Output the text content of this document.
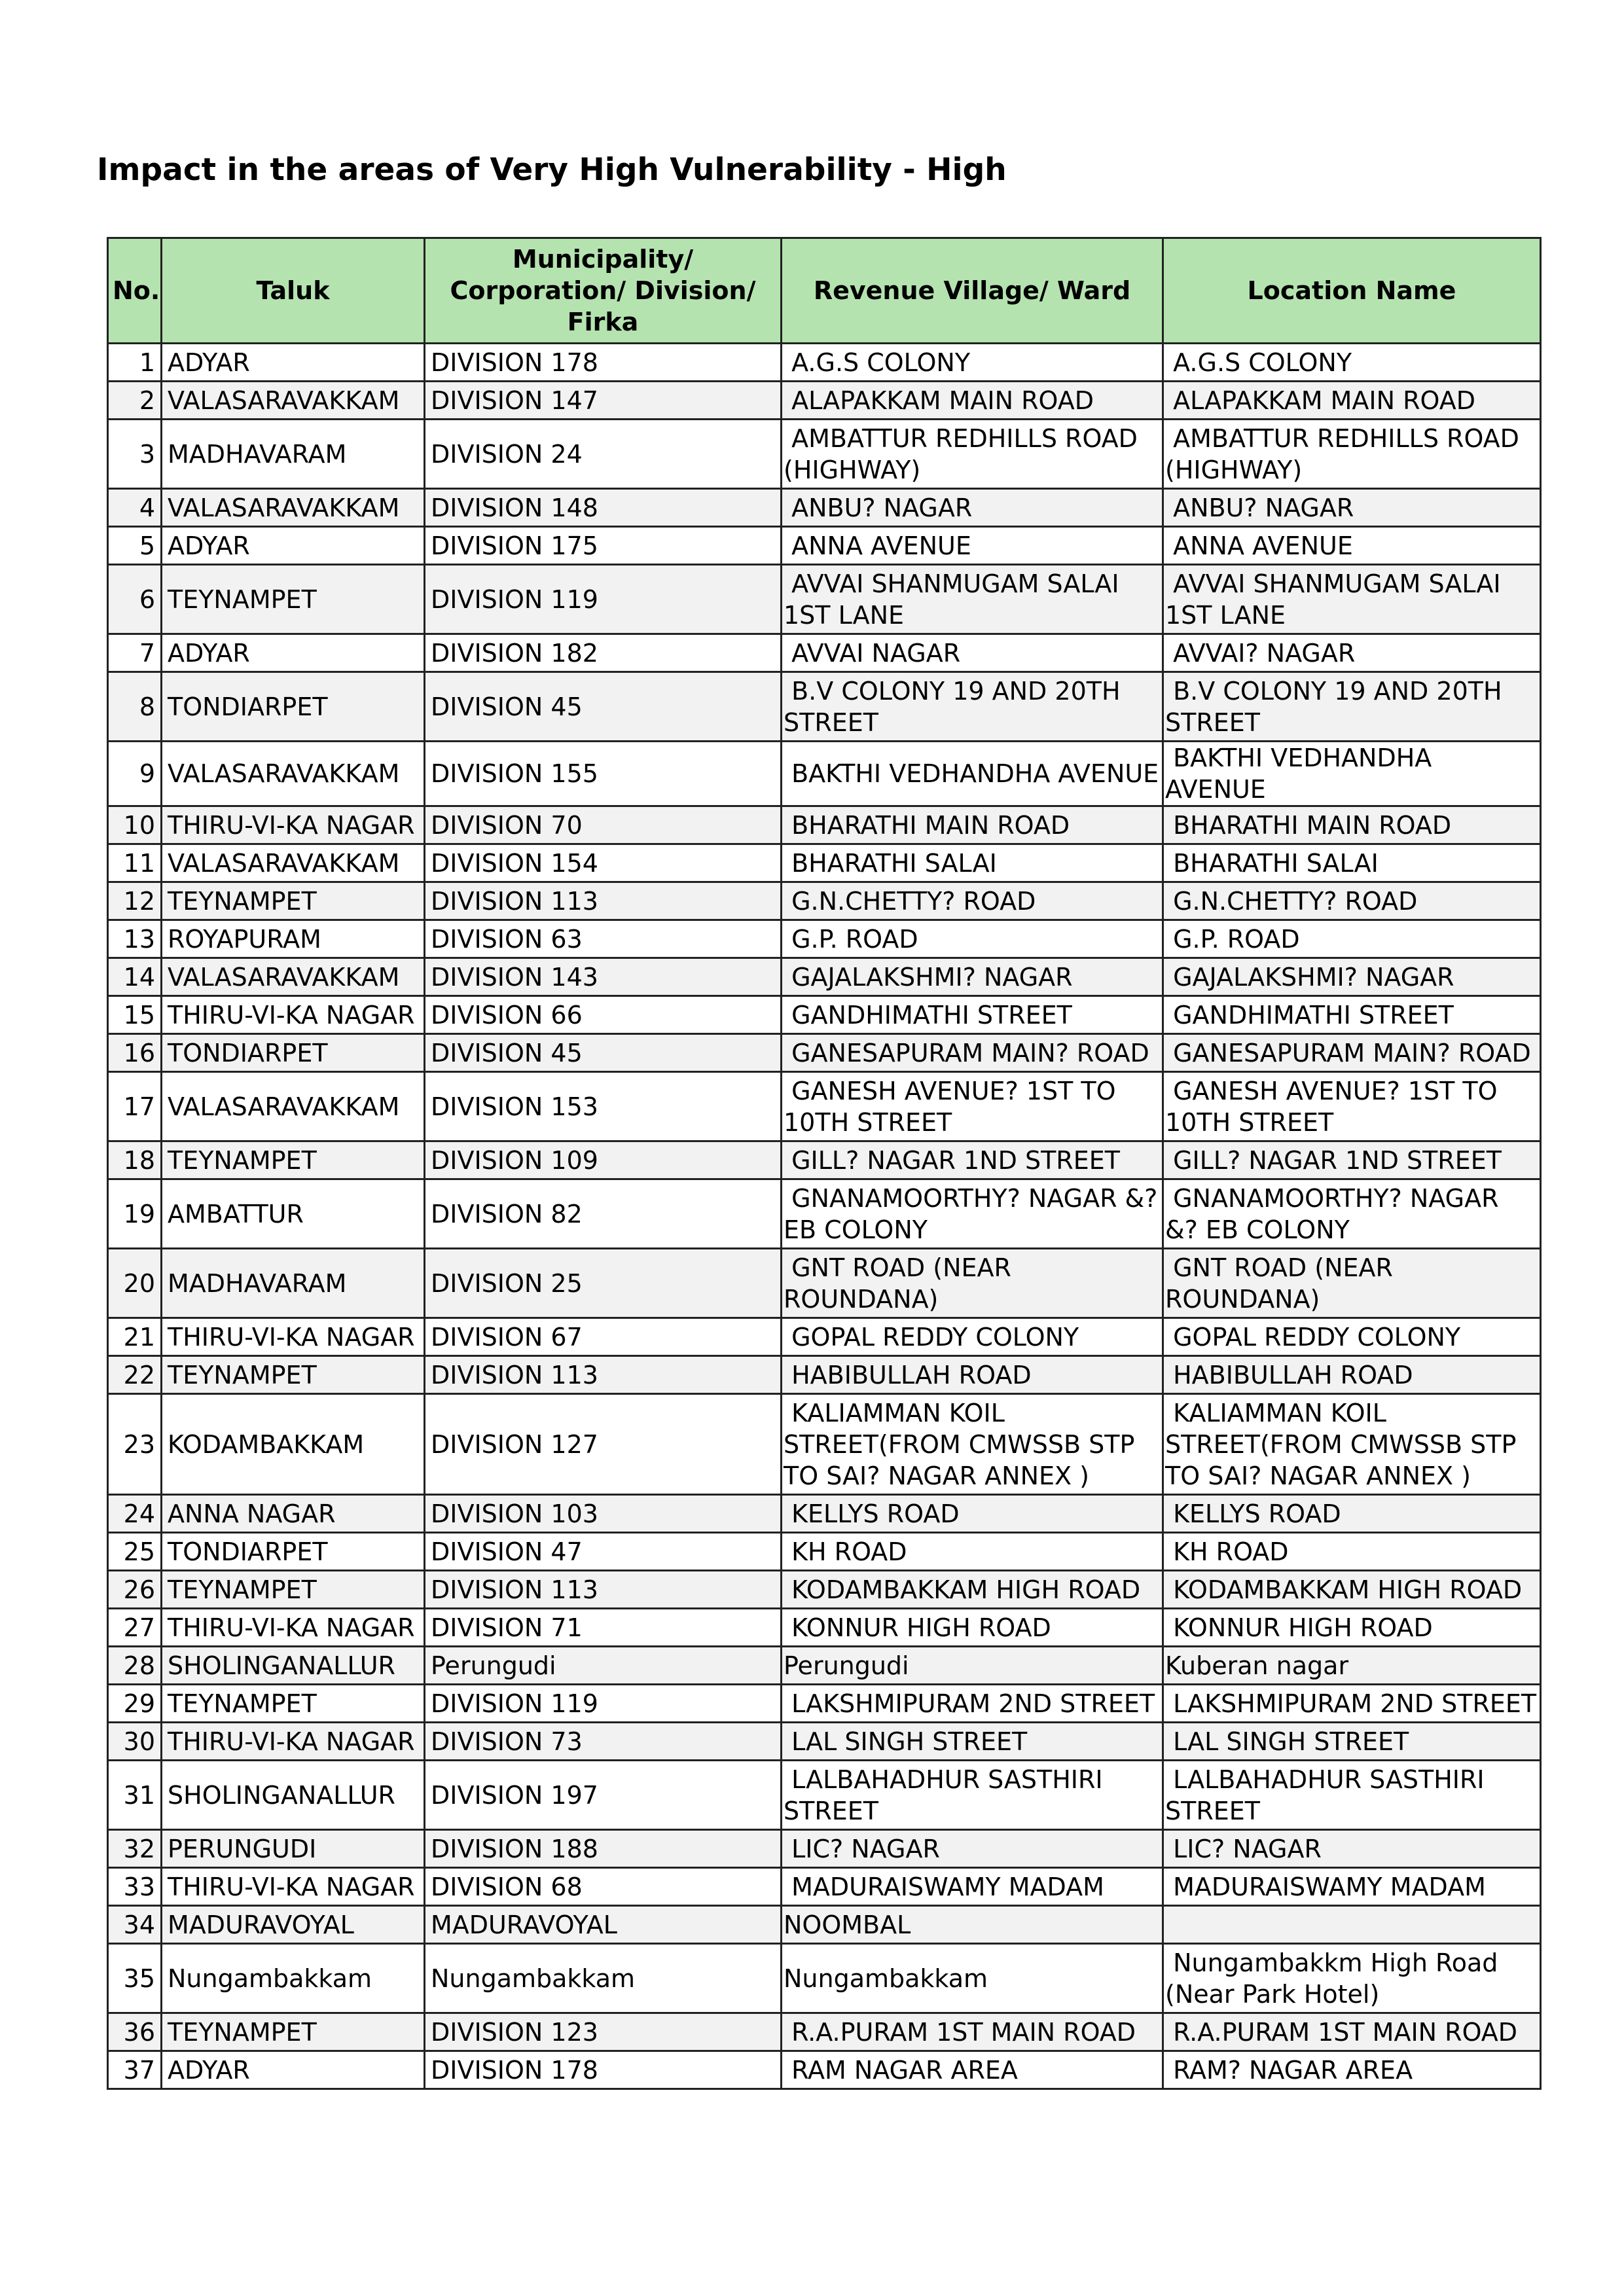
Impact in the areas of Very High Vulnerability - High
No.	Taluk	Municipality/ Corporation/ Division/ Firka	Revenue Village/ Ward	Location Name
1	ADYAR	DIVISION 178	A.G.S COLONY	A.G.S COLONY
2	VALASARAVAKKAM	DIVISION 147	ALAPAKKAM MAIN ROAD	ALAPAKKAM MAIN ROAD
3	MADHAVARAM	DIVISION 24	AMBATTUR REDHILLS ROAD (HIGHWAY)	AMBATTUR REDHILLS ROAD (HIGHWAY)
4	VALASARAVAKKAM	DIVISION 148	ANBU? NAGAR	ANBU? NAGAR
5	ADYAR	DIVISION 175	ANNA AVENUE	ANNA AVENUE
6	TEYNAMPET	DIVISION 119	AVVAI SHANMUGAM SALAI 1ST LANE	AVVAI SHANMUGAM SALAI 1ST LANE
7	ADYAR	DIVISION 182	AVVAI NAGAR	AVVAI? NAGAR
8	TONDIARPET	DIVISION 45	B.V COLONY 19 AND 20TH STREET	B.V COLONY 19 AND 20TH STREET
9	VALASARAVAKKAM	DIVISION 155	BAKTHI VEDHANDHA AVENUE	BAKTHI VEDHANDHA AVENUE
10	THIRU-VI-KA NAGAR	DIVISION 70	BHARATHI MAIN ROAD	BHARATHI MAIN ROAD
11	VALASARAVAKKAM	DIVISION 154	BHARATHI SALAI	BHARATHI SALAI
12	TEYNAMPET	DIVISION 113	G.N.CHETTY? ROAD	G.N.CHETTY? ROAD
13	ROYAPURAM	DIVISION 63	G.P. ROAD	G.P. ROAD
14	VALASARAVAKKAM	DIVISION 143	GAJALAKSHMI? NAGAR	GAJALAKSHMI? NAGAR
15	THIRU-VI-KA NAGAR	DIVISION 66	GANDHIMATHI STREET	GANDHIMATHI STREET
16	TONDIARPET	DIVISION 45	GANESAPURAM MAIN? ROAD	GANESAPURAM MAIN? ROAD
17	VALASARAVAKKAM	DIVISION 153	GANESH AVENUE? 1ST TO 10TH STREET	GANESH AVENUE? 1ST TO 10TH STREET
18	TEYNAMPET	DIVISION 109	GILL? NAGAR 1ND STREET	GILL? NAGAR 1ND STREET
19	AMBATTUR	DIVISION 82	GNANAMOORTHY? NAGAR &? EB COLONY	GNANAMOORTHY? NAGAR &? EB COLONY
20	MADHAVARAM	DIVISION 25	GNT ROAD (NEAR ROUNDANA)	GNT ROAD (NEAR ROUNDANA)
21	THIRU-VI-KA NAGAR	DIVISION 67	GOPAL REDDY COLONY	GOPAL REDDY COLONY
22	TEYNAMPET	DIVISION 113	HABIBULLAH ROAD	HABIBULLAH ROAD
23	KODAMBAKKAM	DIVISION 127	KALIAMMAN KOIL STREET(FROM CMWSSB STP TO SAI? NAGAR ANNEX )	KALIAMMAN KOIL STREET(FROM CMWSSB STP TO SAI? NAGAR ANNEX )
24	ANNA NAGAR	DIVISION 103	KELLYS ROAD	KELLYS ROAD
25	TONDIARPET	DIVISION 47	KH ROAD	KH ROAD
26	TEYNAMPET	DIVISION 113	KODAMBAKKAM HIGH ROAD	KODAMBAKKAM HIGH ROAD
27	THIRU-VI-KA NAGAR	DIVISION 71	KONNUR HIGH ROAD	KONNUR HIGH ROAD
28	SHOLINGANALLUR	Perungudi	Perungudi	Kuberan nagar
29	TEYNAMPET	DIVISION 119	LAKSHMIPURAM 2ND STREET	LAKSHMIPURAM 2ND STREET
30	THIRU-VI-KA NAGAR	DIVISION 73	LAL SINGH STREET	LAL SINGH STREET
31	SHOLINGANALLUR	DIVISION 197	LALBAHADHUR SASTHIRI STREET	LALBAHADHUR SASTHIRI STREET
32	PERUNGUDI	DIVISION 188	LIC? NAGAR	LIC? NAGAR
33	THIRU-VI-KA NAGAR	DIVISION 68	MADURAISWAMY MADAM	MADURAISWAMY MADAM
34	MADURAVOYAL	MADURAVOYAL	NOOMBAL	
35	Nungambakkam	Nungambakkam	Nungambakkam	Nungambakkm High Road (Near Park Hotel)
36	TEYNAMPET	DIVISION 123	R.A.PURAM 1ST MAIN ROAD	R.A.PURAM 1ST MAIN ROAD
37	ADYAR	DIVISION 178	RAM NAGAR AREA	RAM? NAGAR AREA
